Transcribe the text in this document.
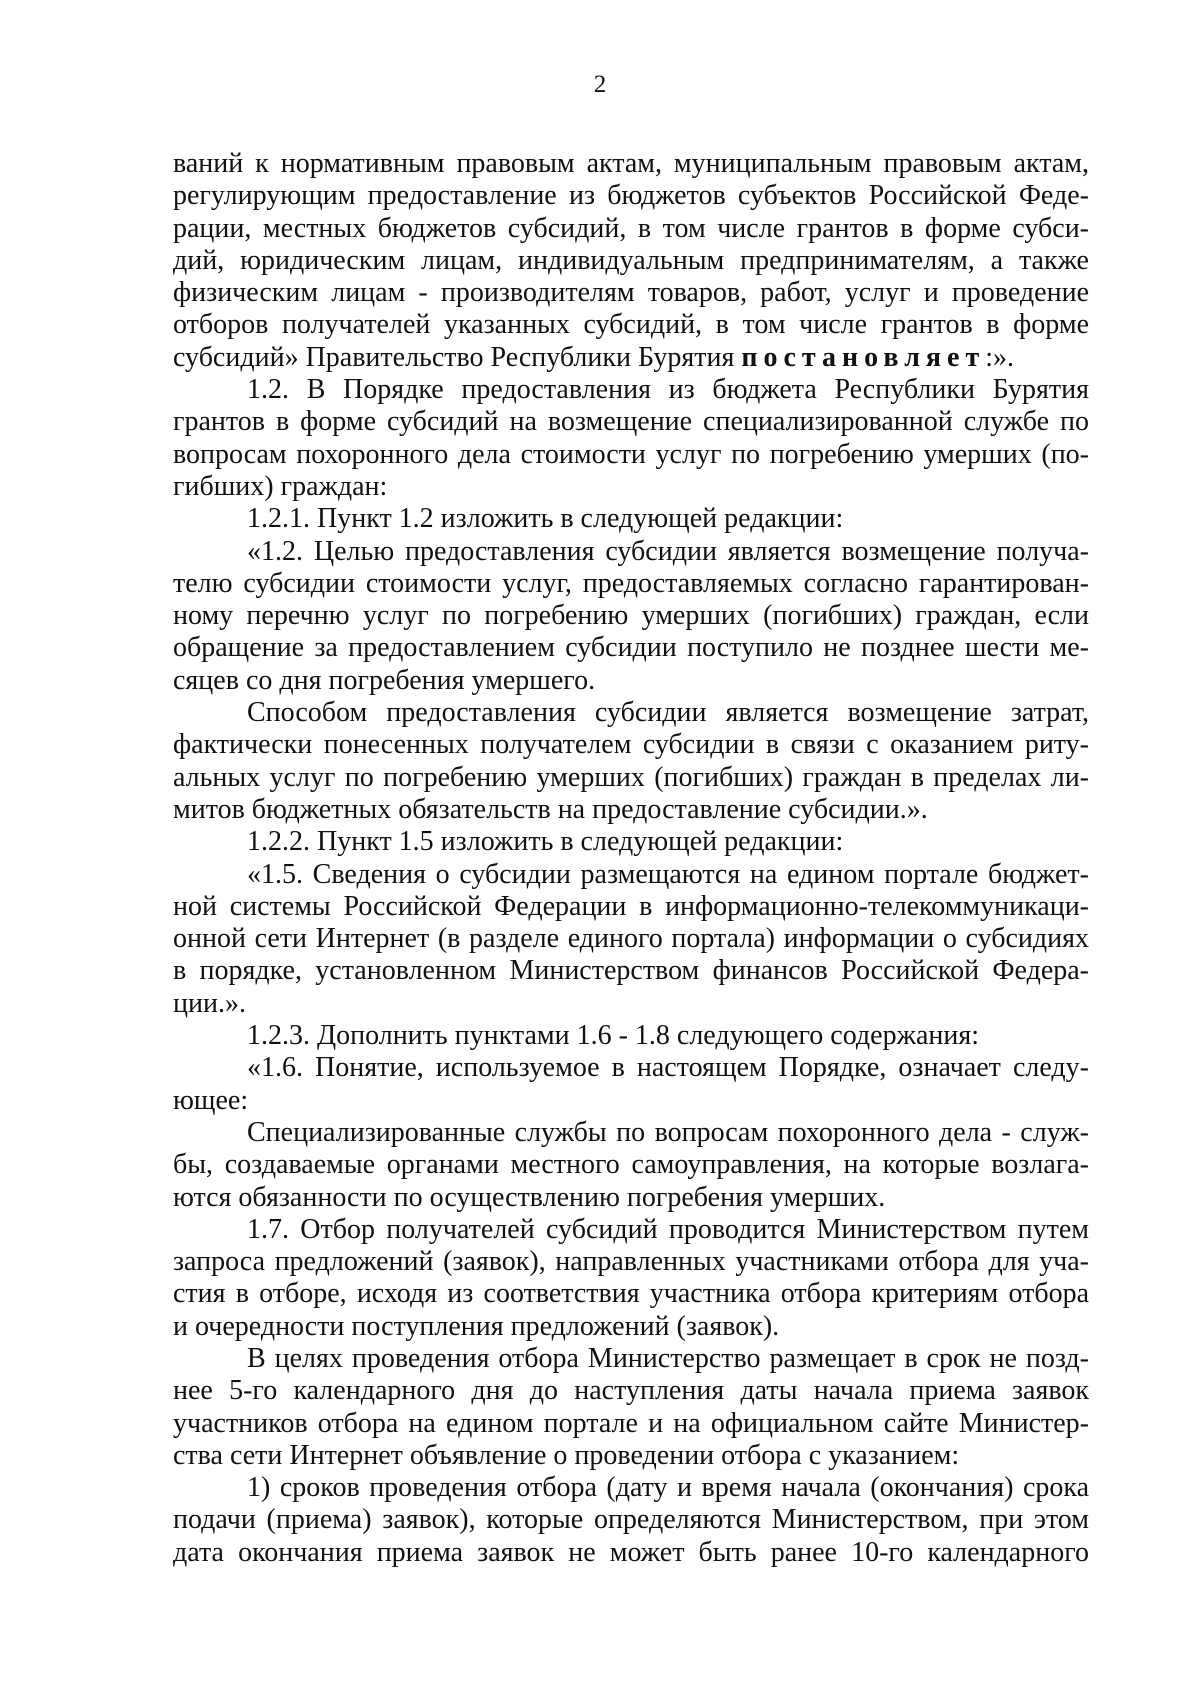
2

ваний к нормативным правовым актам, муниципальным правовым актам,
регулирующим предоставление из бюджетов субъектов Российской Феде-
рации, местных бюджетов субсидий, в том числе грантов в форме субси-
дий, юридическим лицам, индивидуальным предпринимателям, а также
физическим лицам - производителям товаров, работ, услуг и проведение
отборов получателей указанных субсидий, в том числе грантов в форме
субсидий» Правительство Республики Бурятия постановляет:».
1.2. В Порядке предоставления из бюджета Республики Бурятия
грантов в форме субсидий на возмещение специализированной службе по
вопросам похоронного дела стоимости услуг по погребению умерших (по-
гибших) граждан:
1.2.1. Пункт 1.2 изложить в следующей редакции:
«1.2. Целью предоставления субсидии является возмещение получа-
телю субсидии стоимости услуг, предоставляемых согласно гарантирован-
ному перечню услуг по погребению умерших (погибших) граждан, если
обращение за предоставлением субсидии поступило не позднее шести ме-
сяцев со дня погребения умершего.
Способом предоставления субсидии является возмещение затрат,
фактически понесенных получателем субсидии в связи с оказанием риту-
альных услуг по погребению умерших (погибших) граждан в пределах ли-
митов бюджетных обязательств на предоставление субсидии.».
1.2.2. Пункт 1.5 изложить в следующей редакции:
«1.5. Сведения о субсидии размещаются на едином портале бюджет-
ной системы Российской Федерации в информационно-телекоммуникаци-
онной сети Интернет (в разделе единого портала) информации о субсидиях
в порядке, установленном Министерством финансов Российской Федера-
ции.».
1.2.3. Дополнить пунктами 1.6 - 1.8 следующего содержания:
«1.6. Понятие, используемое в настоящем Порядке, означает следу-
ющее:
Специализированные службы по вопросам похоронного дела - служ-
бы, создаваемые органами местного самоуправления, на которые возлага-
ются обязанности по осуществлению погребения умерших.
1.7. Отбор получателей субсидий проводится Министерством путем
запроса предложений (заявок), направленных участниками отбора для уча-
стия в отборе, исходя из соответствия участника отбора критериям отбора
и очередности поступления предложений (заявок).
В целях проведения отбора Министерство размещает в срок не позд-
нее 5-го календарного дня до наступления даты начала приема заявок
участников отбора на едином портале и на официальном сайте Министер-
ства сети Интернет объявление о проведении отбора с указанием:
1) сроков проведения отбора (дату и время начала (окончания) срока
подачи (приема) заявок), которые определяются Министерством, при этом
дата окончания приема заявок не может быть ранее 10-го календарного
